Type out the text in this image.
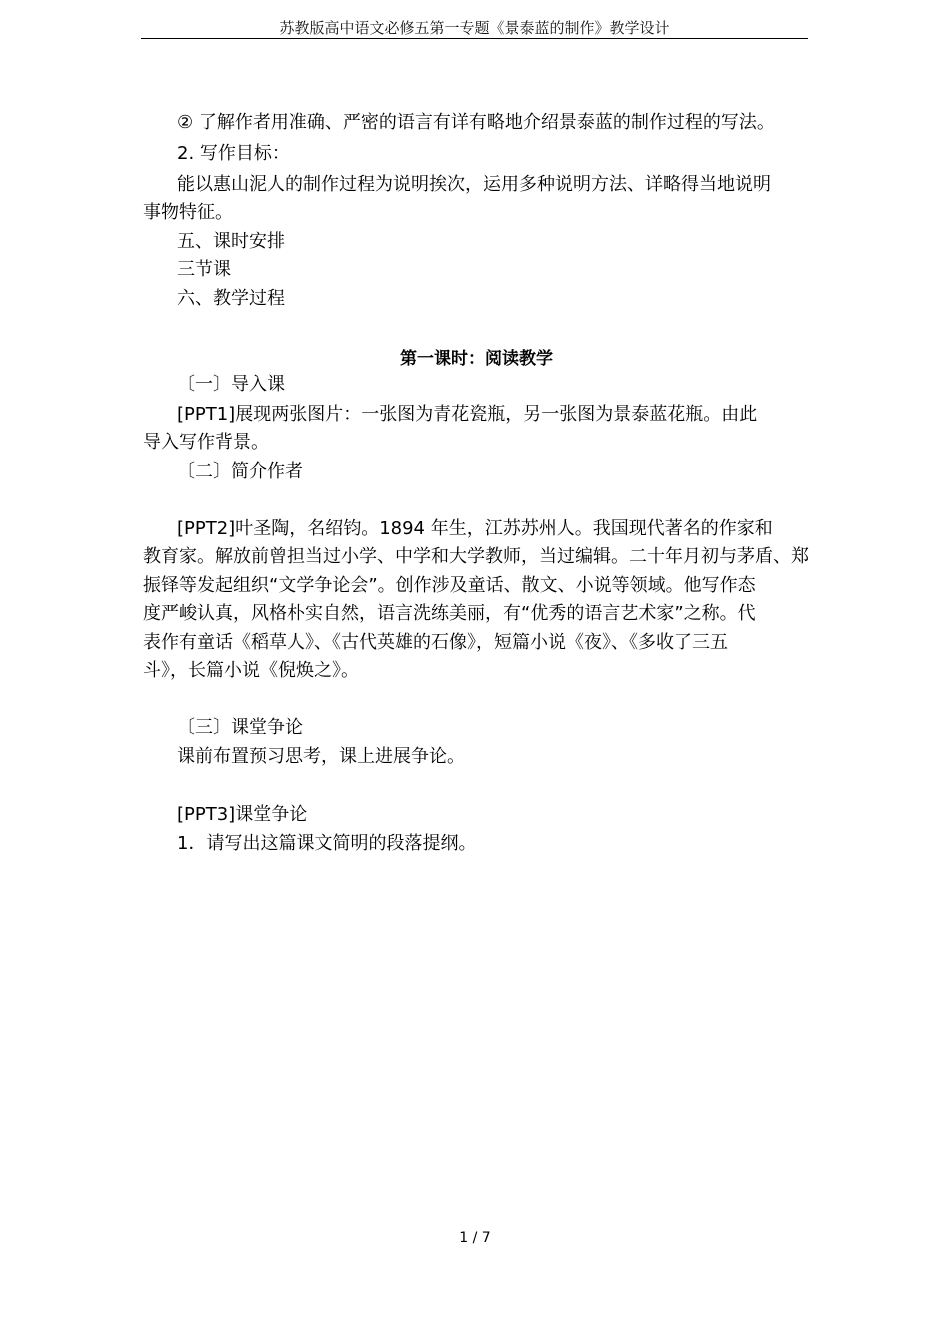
苏教版高中语文必修五第一专题《景泰蓝的制作》教学设计
② 了解作者用准确、严密的语言有详有略地介绍景泰蓝的制作过程的写法。
2. 写作目标：
能以惠山泥人的制作过程为说明挨次，运用多种说明方法、详略得当地说明
事物特征。
五、课时安排
三节课
六、教学过程
第一课时：阅读教学
〔一〕导入课
[PPT1]展现两张图片：一张图为青花瓷瓶，另一张图为景泰蓝花瓶。由此
导入写作背景。
〔二〕简介作者
[PPT2]叶圣陶，名绍钧。1894 年生，江苏苏州人。我国现代著名的作家和
教育家。解放前曾担当过小学、中学和大学教师，当过编辑。二十年月初与茅盾、郑
振铎等发起组织“文学争论会”。创作涉及童话、散文、小说等领域。他写作态
度严峻认真，风格朴实自然，语言洗练美丽，有“优秀的语言艺术家”之称。代
表作有童话《稻草人》、《古代英雄的石像》，短篇小说《夜》、《多收了三五
斗》，长篇小说《倪焕之》。
〔三〕课堂争论
课前布置预习思考，课上进展争论。
[PPT3]课堂争论
1．请写出这篇课文简明的段落提纲。
1 / 7
